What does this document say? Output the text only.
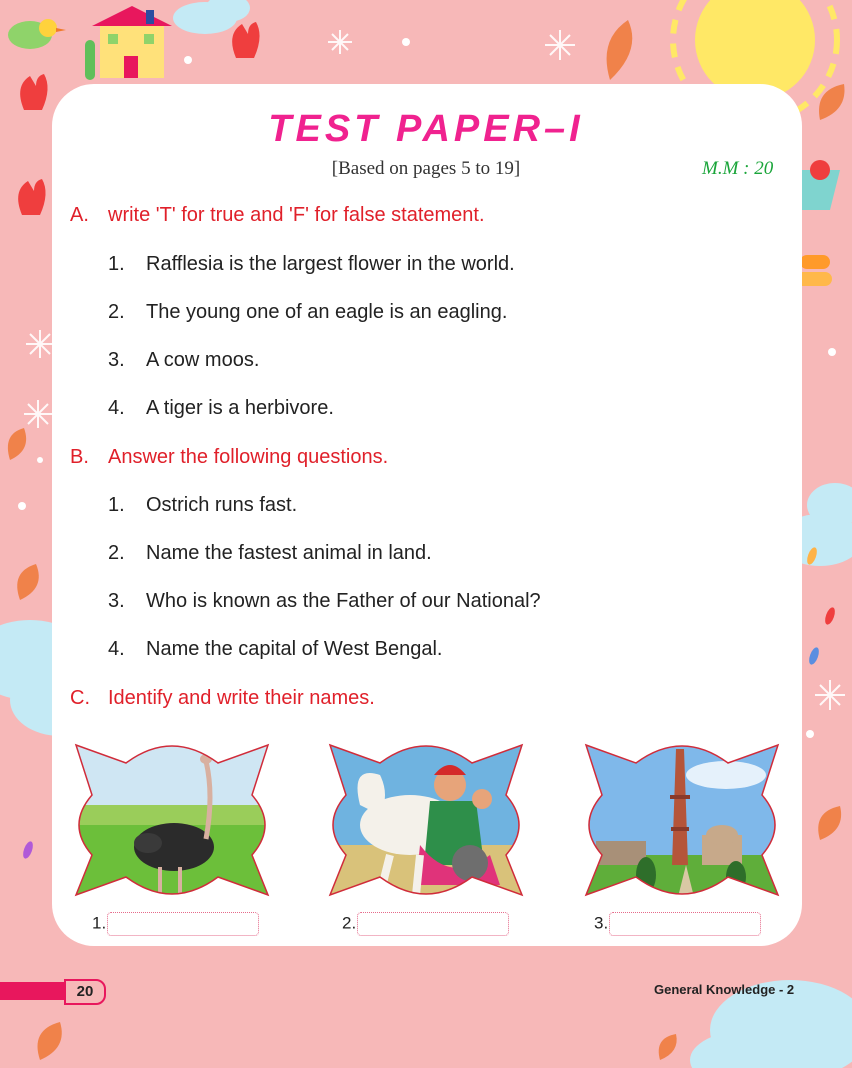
TEST PAPER–I
[Based on pages 5 to 19]	M.M : 20
A. write 'T' for true and 'F' for false statement.
1. Rafflesia is the largest flower in the world.
2. The young one of an eagle is an eagling.
3. A cow moos.
4. A tiger is a herbivore.
B. Answer the following questions.
1. Ostrich runs fast.
2. Name the fastest animal in land.
3. Who is known as the Father of our National?
4. Name the capital of West Bengal.
C. Identify and write their names.
1.	2.	3.
20	General Knowledge - 2
